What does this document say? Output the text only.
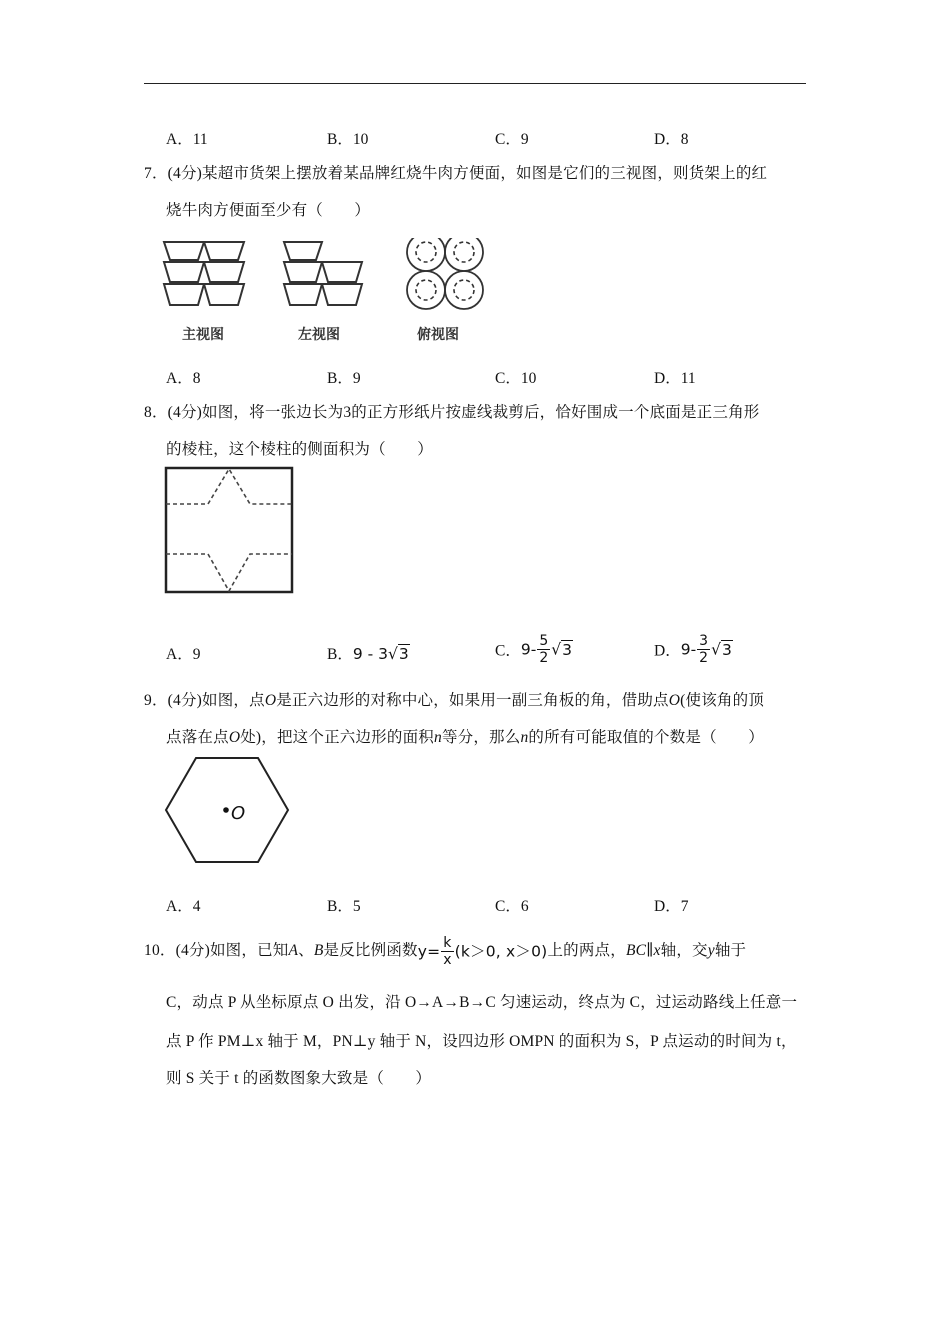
A．11	B．10	C．9	D．8
7．(4分)某超市货架上摆放着某品牌红烧牛肉方便面，如图是它们的三视图，则货架上的红
烧牛肉方便面至少有（　　）
主视图	左视图	俯视图
A．8	B．9	C．10	D．11
8．(4分)如图，将一张边长为3的正方形纸片按虚线裁剪后，恰好围成一个底面是正三角形
的棱柱，这个棱柱的侧面积为（　　）
A．9	B．9 - 3√3	C．$9- \frac{5}{2} √3$	D．$9- \frac{3}{2} √3$
9．(4分)如图，点O是正六边形的对称中心，如果用一副三角板的角，借助点O(使该角的顶
点落在点O处)，把这个正六边形的面积n等分，那么n的所有可能取值的个数是（　　）
O
A．4	B．5	C．6	D．7
10．(4分)如图，已知A、B是反比例函数$y= \frac{k}{x} (k>0$, x＞0)上的两点，BC∥x轴，交y轴于
C，动点 P 从坐标原点 O 出发，沿 O→A→B→C 匀速运动，终点为 C，过运动路线上任意一
点 P 作 PM⊥x 轴于 M，PN⊥y 轴于 N，设四边形 OMPN 的面积为 S，P 点运动的时间为 t，
则 S 关于 t 的函数图象大致是（　　）
